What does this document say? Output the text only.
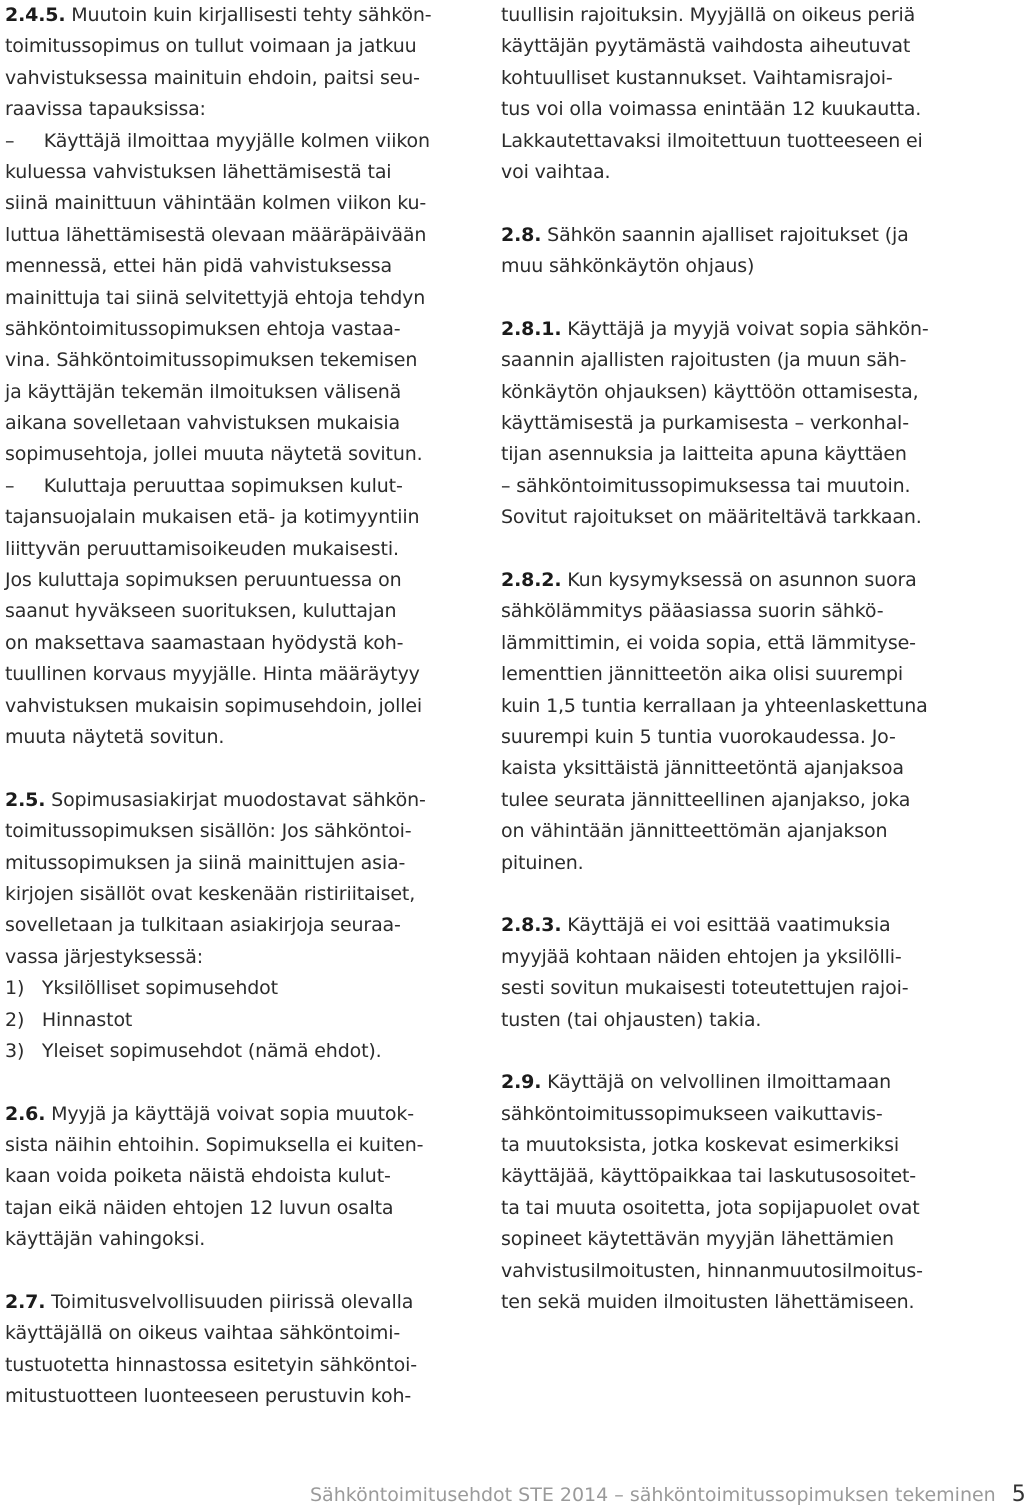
2.4.5. Muutoin kuin kirjallisesti tehty sähkön-
toimitussopimus on tullut voimaan ja jatkuu
vahvistuksessa mainituin ehdoin, paitsi seu-
raavissa tapauksissa:
–     Käyttäjä ilmoittaa myyjälle kolmen viikon
kuluessa vahvistuksen lähettämisestä tai
siinä mainittuun vähintään kolmen viikon ku-
luttua lähettämisestä olevaan määräpäivään
mennessä, ettei hän pidä vahvistuksessa
mainittuja tai siinä selvitettyjä ehtoja tehdyn
sähköntoimitussopimuksen ehtoja vastaa-
vina. Sähköntoimitussopimuksen tekemisen
ja käyttäjän tekemän ilmoituksen välisenä
aikana sovelletaan vahvistuksen mukaisia
sopimusehtoja, jollei muuta näytetä sovitun.
–     Kuluttaja peruuttaa sopimuksen kulut-
tajansuojalain mukaisen etä- ja kotimyyntiin
liittyvän peruuttamisoikeuden mukaisesti.
Jos kuluttaja sopimuksen peruuntuessa on
saanut hyväkseen suorituksen, kuluttajan
on maksettava saamastaan hyödystä koh-
tuullinen korvaus myyjälle. Hinta määräytyy
vahvistuksen mukaisin sopimusehdoin, jollei
muuta näytetä sovitun.
2.5. Sopimusasiakirjat muodostavat sähkön-
toimitussopimuksen sisällön: Jos sähköntoi-
mitussopimuksen ja siinä mainittujen asia-
kirjojen sisällöt ovat keskenään ristiriitaiset,
sovelletaan ja tulkitaan asiakirjoja seuraa-
vassa järjestyksessä:
1)   Yksilölliset sopimusehdot
2)   Hinnastot
3)   Yleiset sopimusehdot (nämä ehdot).
2.6. Myyjä ja käyttäjä voivat sopia muutok-
sista näihin ehtoihin. Sopimuksella ei kuiten-
kaan voida poiketa näistä ehdoista kulut-
tajan eikä näiden ehtojen 12 luvun osalta
käyttäjän vahingoksi.
2.7. Toimitusvelvollisuuden piirissä olevalla
käyttäjällä on oikeus vaihtaa sähköntoimi-
tustuotetta hinnastossa esitetyin sähköntoi-
mitustuotteen luonteeseen perustuvin koh-
tuullisin rajoituksin. Myyjällä on oikeus periä
käyttäjän pyytämästä vaihdosta aiheutuvat
kohtuulliset kustannukset. Vaihtamisrajoi-
tus voi olla voimassa enintään 12 kuukautta.
Lakkautettavaksi ilmoitettuun tuotteeseen ei
voi vaihtaa.
2.8. Sähkön saannin ajalliset rajoitukset (ja
muu sähkönkäytön ohjaus)
2.8.1. Käyttäjä ja myyjä voivat sopia sähkön-
saannin ajallisten rajoitusten (ja muun säh-
könkäytön ohjauksen) käyttöön ottamisesta,
käyttämisestä ja purkamisesta – verkonhal-
tijan asennuksia ja laitteita apuna käyttäen
– sähköntoimitussopimuksessa tai muutoin.
Sovitut rajoitukset on määriteltävä tarkkaan.
2.8.2. Kun kysymyksessä on asunnon suora
sähkölämmitys pääasiassa suorin sähkö-
lämmittimin, ei voida sopia, että lämmityse-
lementtien jännitteetön aika olisi suurempi
kuin 1,5 tuntia kerrallaan ja yhteenlaskettuna
suurempi kuin 5 tuntia vuorokaudessa. Jo-
kaista yksittäistä jännitteetöntä ajanjaksoa
tulee seurata jännitteellinen ajanjakso, joka
on vähintään jännitteettömän ajanjakson
pituinen.
2.8.3. Käyttäjä ei voi esittää vaatimuksia
myyjää kohtaan näiden ehtojen ja yksilölli-
sesti sovitun mukaisesti toteutettujen rajoi-
tusten (tai ohjausten) takia.
2.9. Käyttäjä on velvollinen ilmoittamaan
sähköntoimitussopimukseen vaikuttavis-
ta muutoksista, jotka koskevat esimerkiksi
käyttäjää, käyttöpaikkaa tai laskutusosoitet-
ta tai muuta osoitetta, jota sopijapuolet ovat
sopineet käytettävän myyjän lähettämien
vahvistusilmoitusten, hinnanmuutosilmoitus-
ten sekä muiden ilmoitusten lähettämiseen.
Sähköntoimitusehdot STE 2014 – sähköntoimitussopimuksen tekeminen 5
